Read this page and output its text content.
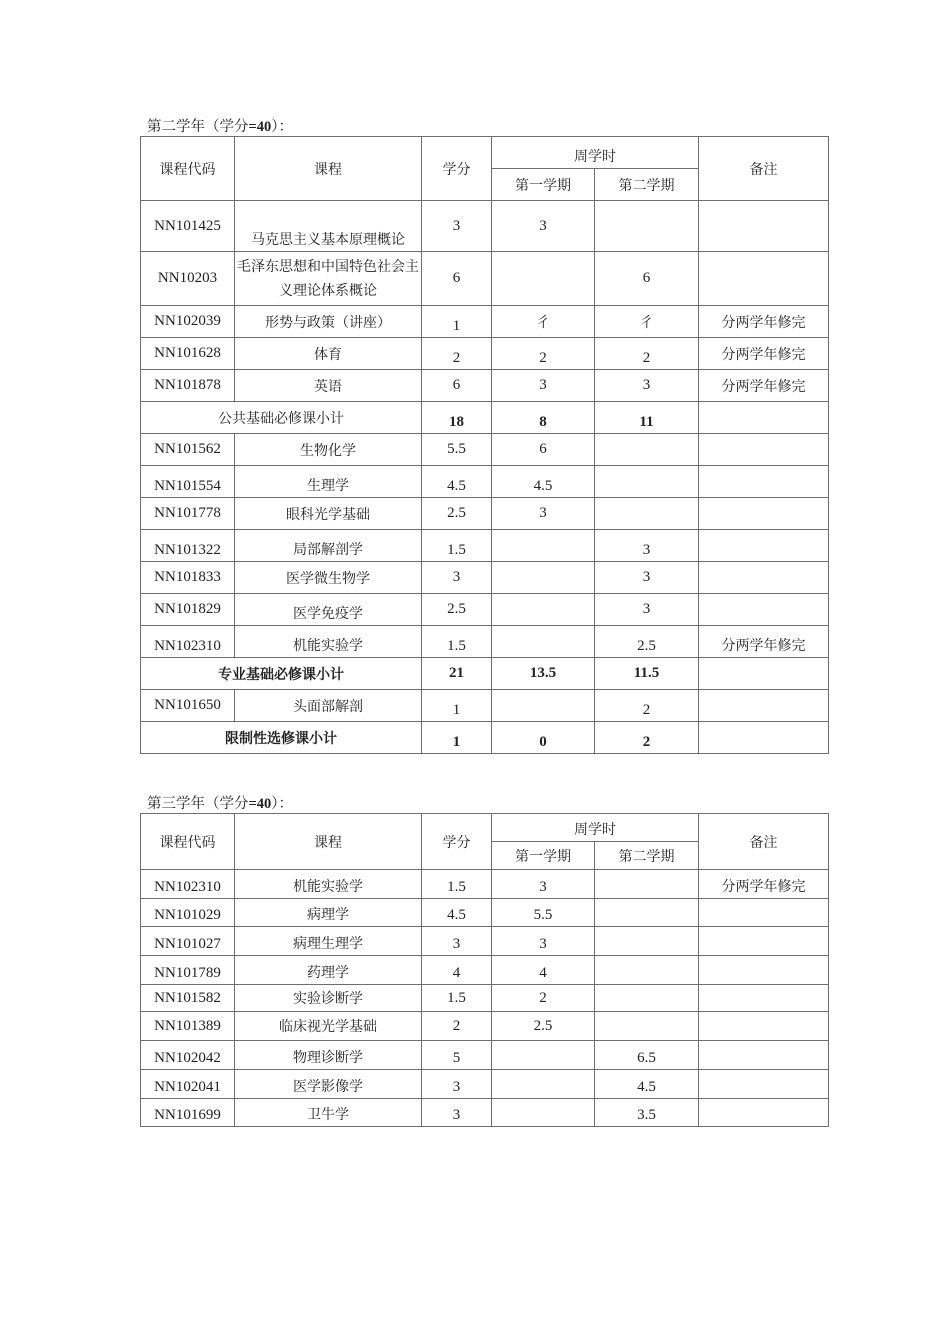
第二学年（学分=40）：
课程代码	课程	学分	周学时		备注
			第一学期	第二学期	
NN101425	马克思主义基本原理概论	3	3		
NN10203	毛泽东思想和中国特色社会主义理论体系概论	6		6	
NN102039	形势与政策（讲座）	1	彳	彳	分两学年修完
NN101628	体育	2	2	2	分两学年修完
NN101878	英语	6	3	3	分两学年修完
公共基础必修课小计		18	8	11	
NN101562	生物化学	5.5	6		
NN101554	生理学	4.5	4.5		
NN101778	眼科光学基础	2.5	3		
NN101322	局部解剖学	1.5		3	
NN101833	医学微生物学	3		3	
NN101829	医学免疫学	2.5		3	
NN102310	机能实验学	1.5		2.5	分两学年修完
专业基础必修课小计		21	13.5	11.5	
NN101650	头面部解剖	1		2	
限制性选修课小计		1	0	2	
第三学年（学分=40）：
课程代码	课程	学分	周学时		备注
			第一学期	第二学期	
NN102310	机能实验学	1.5	3		分两学年修完
NN101029	病理学	4.5	5.5		
NN101027	病理生理学	3	3		
NN101789	药理学	4	4		
NN101582	实验诊断学	1.5	2		
NN101389	临床视光学基础	2	2.5		
NN102042	物理诊断学	5		6.5	
NN102041	医学影像学	3		4.5	
NN101699	卫牛学	3		3.5	
